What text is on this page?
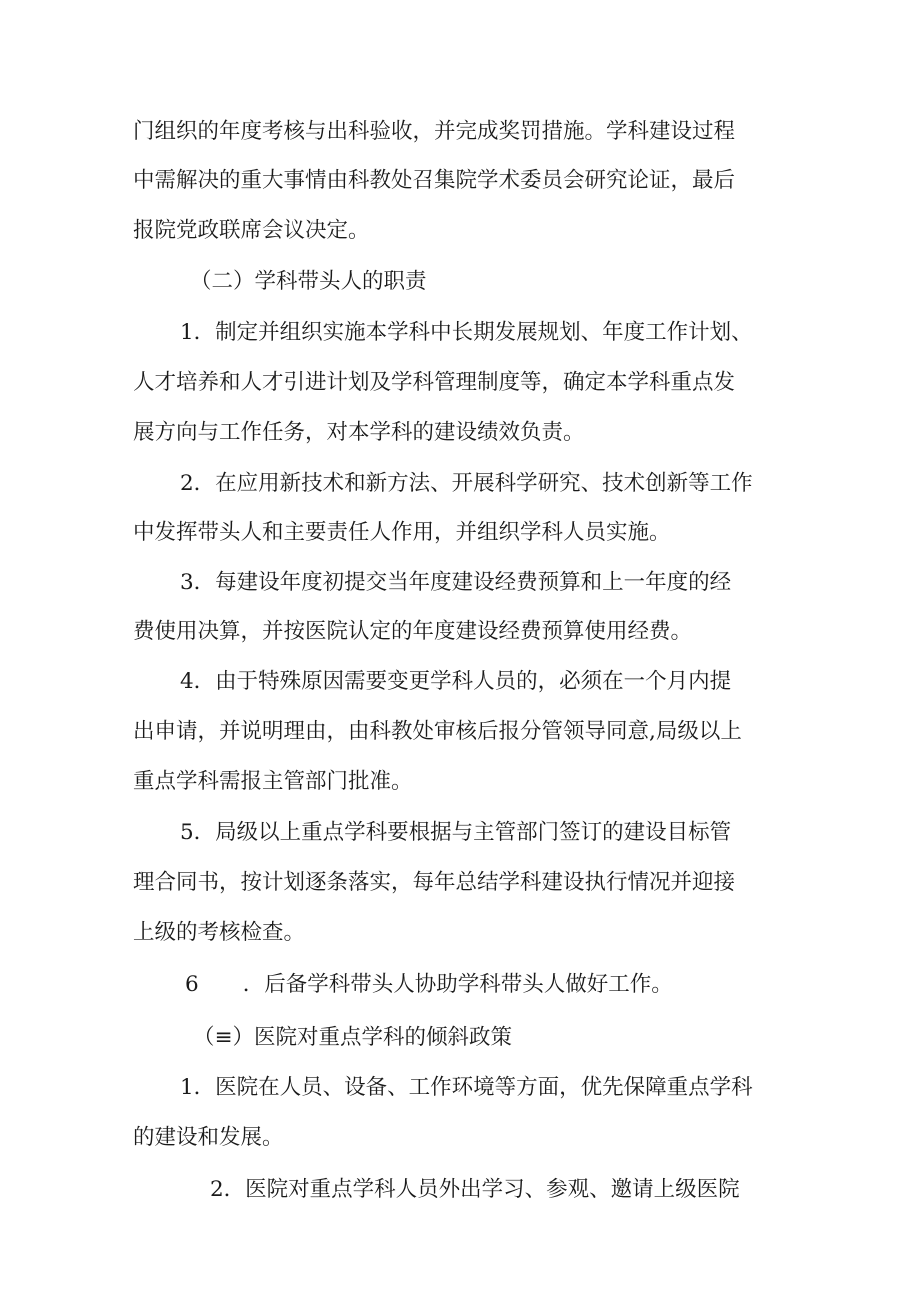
门组织的年度考核与出科验收，并完成奖罚措施。学科建设过程
中需解决的重大事情由科教处召集院学术委员会研究论证，最后
报院党政联席会议决定。
（二）学科带头人的职责
1．制定并组织实施本学科中长期发展规划、年度工作计划、
人才培养和人才引进计划及学科管理制度等，确定本学科重点发
展方向与工作任务，对本学科的建设绩效负责。
2．在应用新技术和新方法、开展科学研究、技术创新等工作
中发挥带头人和主要责任人作用，并组织学科人员实施。
3．每建设年度初提交当年度建设经费预算和上一年度的经
费使用决算，并按医院认定的年度建设经费预算使用经费。
4．由于特殊原因需要变更学科人员的，必须在一个月内提
出申请，并说明理由，由科教处审核后报分管领导同意,局级以上
重点学科需报主管部门批准。
5．局级以上重点学科要根据与主管部门签订的建设目标管
理合同书，按计划逐条落实，每年总结学科建设执行情况并迎接
上级的考核检查。
6 ．后备学科带头人协助学科带头人做好工作。
（≡）医院对重点学科的倾斜政策
1．医院在人员、设备、工作环境等方面，优先保障重点学科
的建设和发展。
2．医院对重点学科人员外出学习、参观、邀请上级医院
